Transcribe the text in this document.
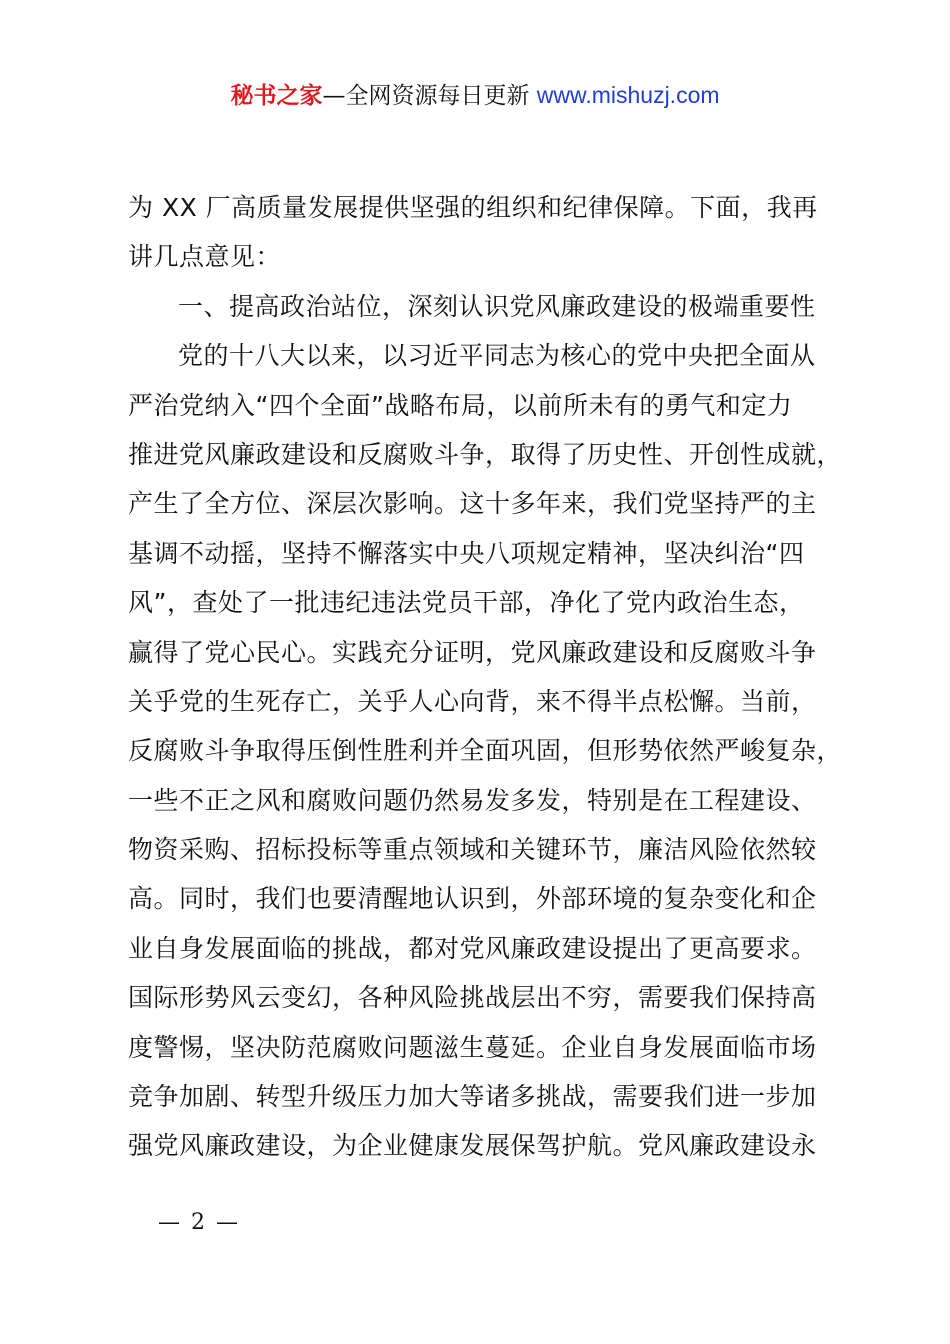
秘书之家—全网资源每日更新 www.mishuzj.com
为 XX 厂高质量发展提供坚强的组织和纪律保障。下面，我再
讲几点意见：
一、提高政治站位，深刻认识党风廉政建设的极端重要性
党的十八大以来，以习近平同志为核心的党中央把全面从
严治党纳入“四个全面”战略布局，以前所未有的勇气和定力
推进党风廉政建设和反腐败斗争，取得了历史性、开创性成就，
产生了全方位、深层次影响。这十多年来，我们党坚持严的主
基调不动摇，坚持不懈落实中央八项规定精神，坚决纠治“四
风”，查处了一批违纪违法党员干部，净化了党内政治生态，
赢得了党心民心。实践充分证明，党风廉政建设和反腐败斗争
关乎党的生死存亡，关乎人心向背，来不得半点松懈。当前，
反腐败斗争取得压倒性胜利并全面巩固，但形势依然严峻复杂，
一些不正之风和腐败问题仍然易发多发，特别是在工程建设、
物资采购、招标投标等重点领域和关键环节，廉洁风险依然较
高。同时，我们也要清醒地认识到，外部环境的复杂变化和企
业自身发展面临的挑战，都对党风廉政建设提出了更高要求。
国际形势风云变幻，各种风险挑战层出不穷，需要我们保持高
度警惕，坚决防范腐败问题滋生蔓延。企业自身发展面临市场
竞争加剧、转型升级压力加大等诸多挑战，需要我们进一步加
强党风廉政建设，为企业健康发展保驾护航。党风廉政建设永
— 2 —
